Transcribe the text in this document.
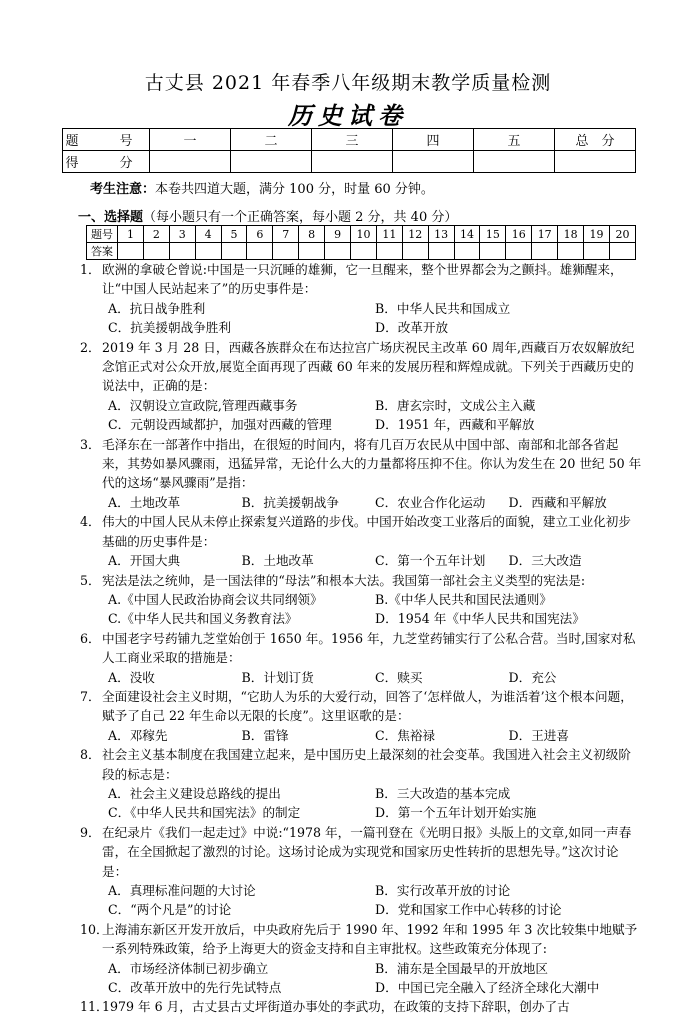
古丈县 2021 年春季八年级期末教学质量检测
历史试卷
题　号	一	二	三	四	五	总　分
得　分						
考生注意：本卷共四道大题，满分 100 分，时量 60 分钟。
一、选择题（每小题只有一个正确答案，每小题 2 分，共 40 分）
题号	1	2	3	4	5	6	7	8	9	10	11	12	13	14	15	16	17	18	19	20
答案																				
1．欧洲的拿破仑曾说:中国是一只沉睡的雄狮，它一旦醒来，整个世界都会为之颤抖。雄狮醒来，让“中国人民站起来了”的历史事件是：
A．抗日战争胜利	B．中华人民共和国成立
C．抗美援朝战争胜利	D．改革开放
2．2019 年 3 月 28 日，西藏各族群众在布达拉宫广场庆祝民主改革 60 周年,西藏百万农奴解放纪念馆正式对公众开放,展览全面再现了西藏 60 年来的发展历程和辉煌成就。下列关于西藏历史的说法中，正确的是：
A．汉朝设立宣政院,管理西藏事务	B．唐玄宗时，文成公主入藏
C．元朝设西域都护，加强对西藏的管理	D．1951 年，西藏和平解放
3．毛泽东在一部著作中指出，在很短的时间内，将有几百万农民从中国中部、南部和北部各省起来，其势如暴风骤雨，迅猛异常，无论什么大的力量都将压抑不住。你认为发生在 20 世纪 50 年代的这场“暴风骤雨”是指：
A．土地改革	B．抗美援朝战争	C．农业合作化运动	D．西藏和平解放
4．伟大的中国人民从未停止探索复兴道路的步伐。中国开始改变工业落后的面貌，建立工业化初步基础的历史事件是：
A．开国大典	B．土地改革	C．第一个五年计划	D．三大改造
5．宪法是法之统帅，是一国法律的“母法”和根本大法。我国第一部社会主义类型的宪法是:
A.《中国人民政治协商会议共同纲领》	B.《中华人民共和国民法通则》
C.《中华人民共和国义务教育法》	D．1954 年《中华人民共和国宪法》
6．中国老字号药铺九芝堂始创于 1650 年。1956 年，九芝堂药铺实行了公私合营。当时,国家对私人工商业采取的措施是：
A．没收	B．计划订货	C．赎买	D．充公
7．全面建设社会主义时期，“它助人为乐的大爱行动，回答了‘怎样做人，为谁活着’这个根本问题，赋予了自己 22 年生命以无限的长度”。这里讴歌的是：
A．邓稼先	B．雷锋	C．焦裕禄	D．王进喜
8．社会主义基本制度在我国建立起来，是中国历史上最深刻的社会变革。我国进入社会主义初级阶段的标志是：
A．社会主义建设总路线的提出	B．三大改造的基本完成
C．《中华人民共和国宪法》的制定	D．第一个五年计划开始实施
9．在纪录片《我们一起走过》中说:“1978 年，一篇刊登在《光明日报》头版上的文章,如同一声春雷，在全国掀起了激烈的讨论。这场讨论成为实现党和国家历史性转折的思想先导。”这次讨论是：
A．真理标准问题的大讨论	B．实行改革开放的讨论
C．“两个凡是”的讨论	D．党和国家工作中心转移的讨论
10．上海浦东新区开发开放后，中央政府先后于 1990 年、1992 年和 1995 年 3 次比较集中地赋予一系列特殊政策，给予上海更大的资金支持和自主审批权。这些政策充分体现了:
A．市场经济体制已初步确立	B．浦东是全国最早的开放地区
C．改革开放中的先行先试特点	D．中国已完全融入了经济全球化大潮中
11．1979 年 6 月，古丈县古丈坪街道办事处的李武功，在政策的支持下辞职，创办了古
